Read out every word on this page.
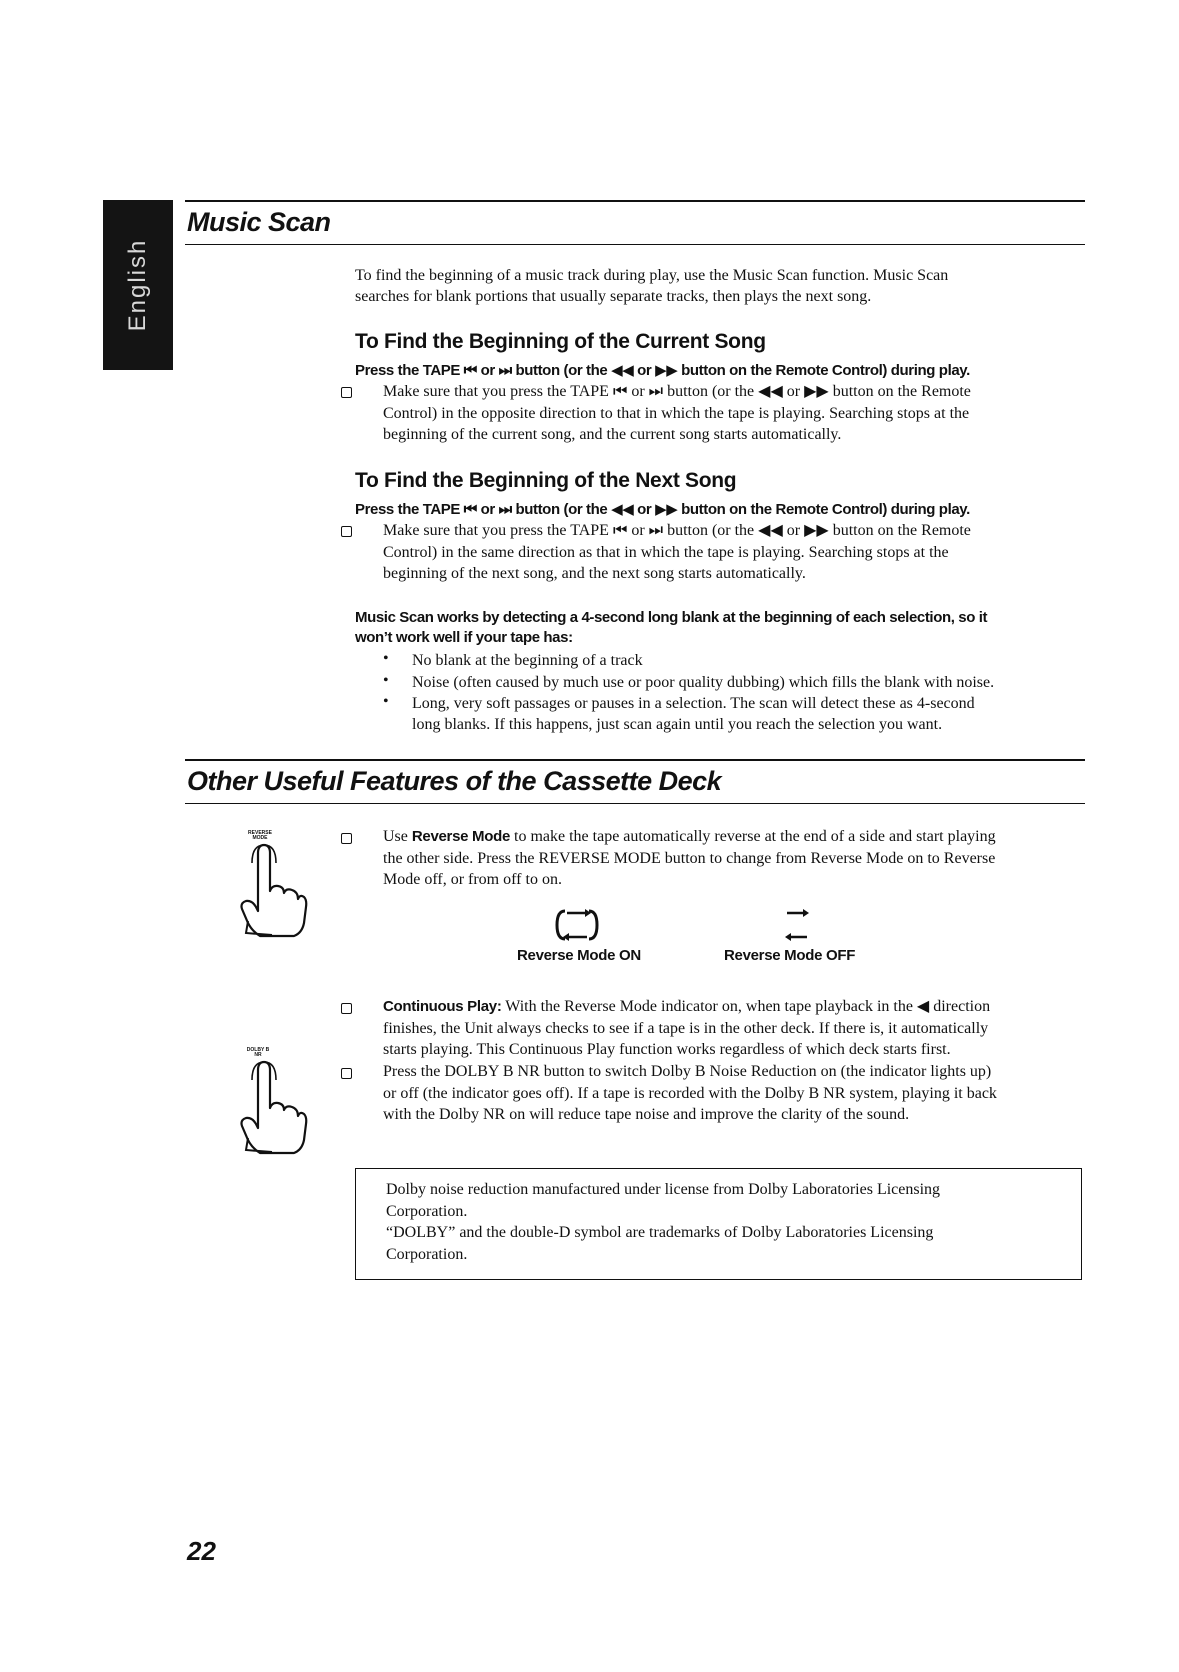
English
Music Scan

To find the beginning of a music track during play, use the Music Scan function. Music Scan
searches for blank portions that usually separate tracks, then plays the next song.

To Find the Beginning of the Current Song

Press the TAPE ⏮ or ⏭ button (or the ◀◀ or ▶▶ button on the Remote Control) during play.

Make sure that you press the TAPE ⏮ or ⏭ button (or the ◀◀ or ▶▶ button on the Remote
Control) in the opposite direction to that in which the tape is playing. Searching stops at the
beginning of the current song, and the current song starts automatically.

To Find the Beginning of the Next Song

Press the TAPE ⏮ or ⏭ button (or the ◀◀ or ▶▶ button on the Remote Control) during play.

Make sure that you press the TAPE ⏮ or ⏭ button (or the ◀◀ or ▶▶ button on the Remote
Control) in the same direction as that in which the tape is playing. Searching stops at the
beginning of the next song, and the next song starts automatically.

Music Scan works by detecting a 4-second long blank at the beginning of each selection, so it
won’t work well if your tape has:

• No blank at the beginning of a track

• Noise (often caused by much use or poor quality dubbing) which fills the blank with noise.

• Long, very soft passages or pauses in a selection. The scan will detect these as 4-second
long blanks. If this happens, just scan again until you reach the selection you want.

Other Useful Features of the Cassette Deck
REVERSE
MODE	Use Reverse Mode to make the tape automatically reverse at the end of a side and start playing
the other side. Press the REVERSE MODE button to change from Reverse Mode on to Reverse
Mode off, or from off to on.

Reverse Mode ON	Reverse Mode OFF

Continuous Play: With the Reverse Mode indicator on, when tape playback in the ◀ direction
finishes, the Unit always checks to see if a tape is in the other deck. If there is, it automatically
starts playing. This Continuous Play function works regardless of which deck starts first.

DOLBY B
NR

Press the DOLBY B NR button to switch Dolby B Noise Reduction on (the indicator lights up)
or off (the indicator goes off). If a tape is recorded with the Dolby B NR system, playing it back
with the Dolby NR on will reduce tape noise and improve the clarity of the sound.

Dolby noise reduction manufactured under license from Dolby Laboratories Licensing
Corporation.
“DOLBY” and the double-D symbol are trademarks of Dolby Laboratories Licensing
Corporation.

22
